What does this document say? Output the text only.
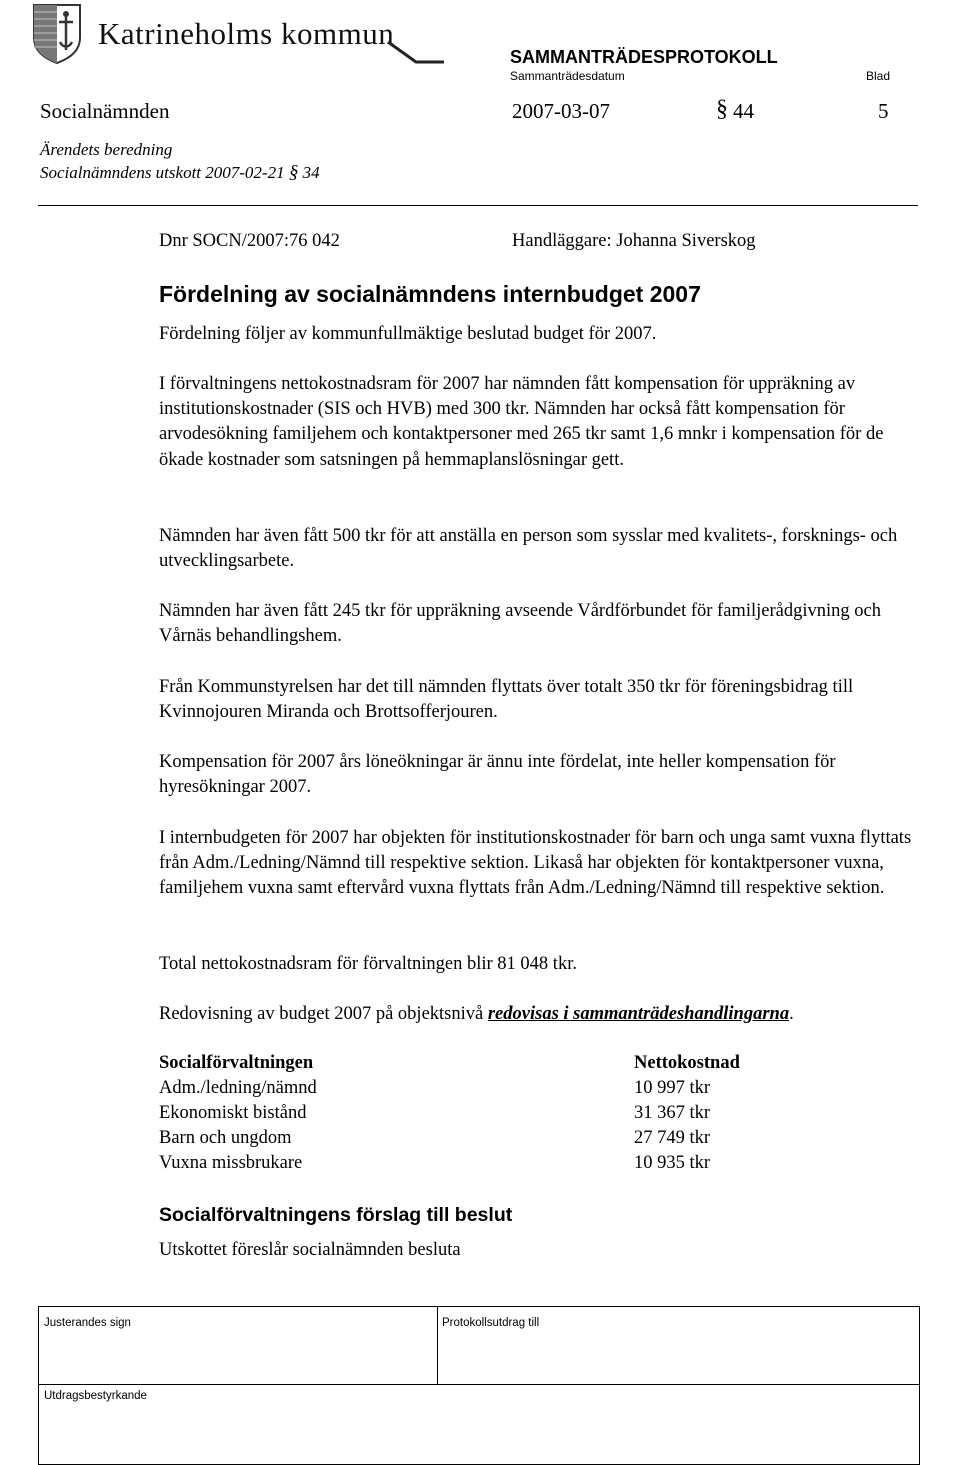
Katrineholms kommun
SAMMANTRÄDESPROTOKOLL
Sammanträdesdatum	Blad
Socialnämnden	2007-03-07	§ 44	5
Ärendets beredning
Socialnämndens utskott 2007-02-21 § 34
Dnr SOCN/2007:76 042	Handläggare: Johanna Siverskog
Fördelning av socialnämndens internbudget 2007
Fördelning följer av kommunfullmäktige beslutad budget för 2007.
I förvaltningens nettokostnadsram för 2007 har nämnden fått kompensation för uppräkning av institutionskostnader (SIS och HVB) med 300 tkr. Nämnden har också fått kompensation för arvodesökning familjehem och kontaktpersoner med 265 tkr samt 1,6 mnkr i kompensation för de ökade kostnader som satsningen på hemmaplanslösningar gett.
Nämnden har även fått 500 tkr för att anställa en person som sysslar med kvalitets-, forsknings- och utvecklingsarbete.
Nämnden har även fått 245 tkr för uppräkning avseende Vårdförbundet för familjerådgivning och Vårnäs behandlingshem.
Från Kommunstyrelsen har det till nämnden flyttats över totalt 350 tkr för föreningsbidrag till Kvinnojouren Miranda och Brottsofferjouren.
Kompensation för 2007 års löneökningar är ännu inte fördelat, inte heller kompensation för hyresökningar 2007.
I internbudgeten för 2007 har objekten för institutionskostnader för barn och unga samt vuxna flyttats från Adm./Ledning/Nämnd till respektive sektion. Likaså har objekten för kontaktpersoner vuxna, familjehem vuxna samt eftervård vuxna flyttats från Adm./Ledning/Nämnd till respektive sektion.
Total nettokostnadsram för förvaltningen blir 81 048 tkr.
Redovisning av budget 2007 på objektsnivå redovisas i sammanträdeshandlingarna.
Socialförvaltningen	Nettokostnad
Adm./ledning/nämnd	10 997 tkr
Ekonomiskt bistånd	31 367 tkr
Barn och ungdom	27 749 tkr
Vuxna missbrukare	10 935 tkr
Socialförvaltningens förslag till beslut
Utskottet föreslår socialnämnden besluta
Justerandes sign	Protokollsutdrag till
Utdragsbestyrkande
